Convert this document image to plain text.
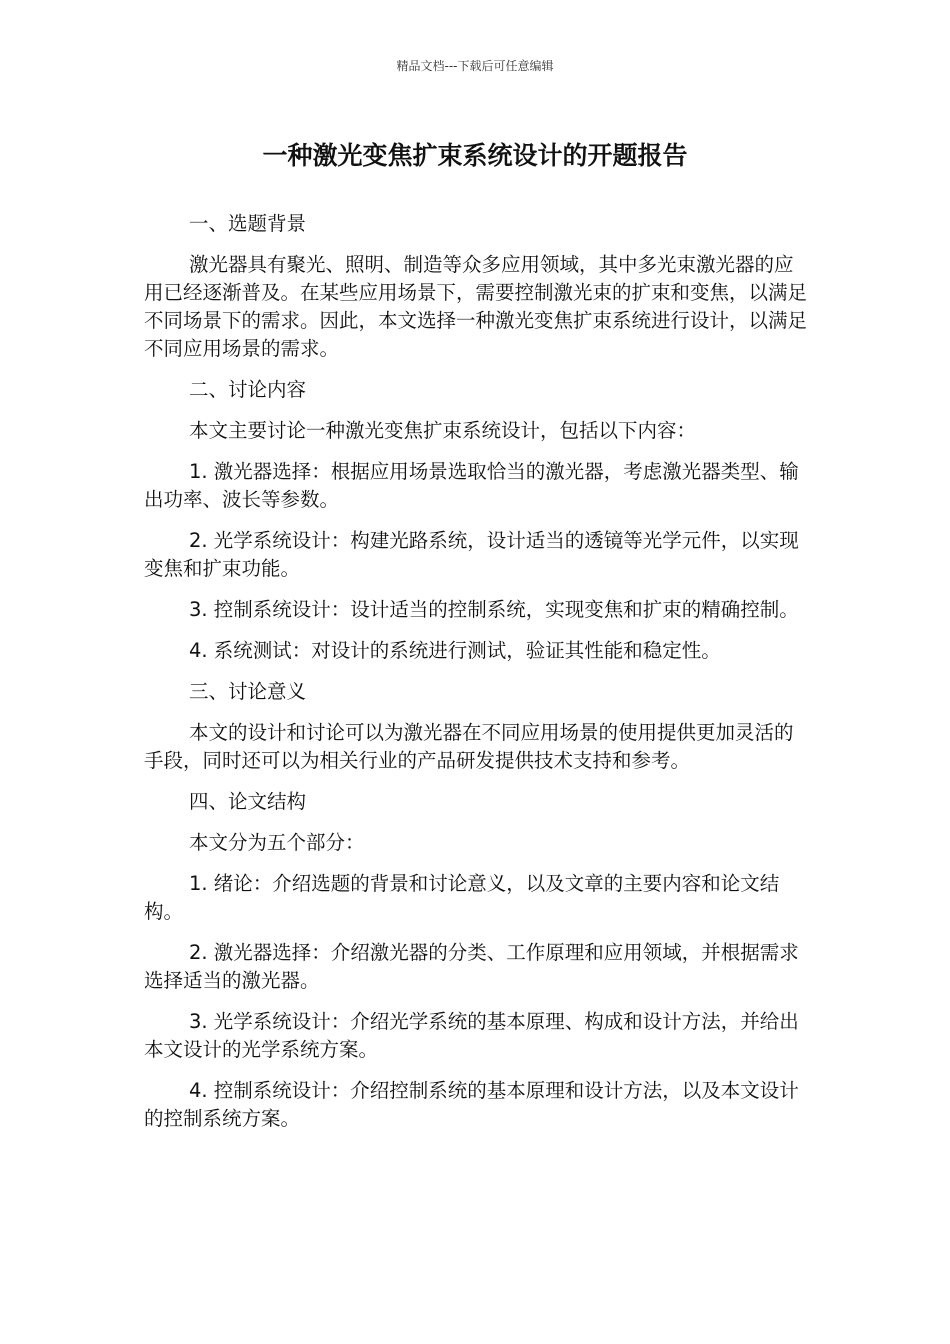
精品文档---下载后可任意编辑
一种激光变焦扩束系统设计的开题报告

一、选题背景

激光器具有聚光、照明、制造等众多应用领域，其中多光束激光器的应用已经逐渐普及。在某些应用场景下，需要控制激光束的扩束和变焦，以满足不同场景下的需求。因此，本文选择一种激光变焦扩束系统进行设计，以满足不同应用场景的需求。

二、讨论内容

本文主要讨论一种激光变焦扩束系统设计，包括以下内容：

1. 激光器选择：根据应用场景选取恰当的激光器，考虑激光器类型、输出功率、波长等参数。

2. 光学系统设计：构建光路系统，设计适当的透镜等光学元件，以实现变焦和扩束功能。

3. 控制系统设计：设计适当的控制系统，实现变焦和扩束的精确控制。

4. 系统测试：对设计的系统进行测试，验证其性能和稳定性。

三、讨论意义

本文的设计和讨论可以为激光器在不同应用场景的使用提供更加灵活的手段，同时还可以为相关行业的产品研发提供技术支持和参考。

四、论文结构

本文分为五个部分：

1. 绪论：介绍选题的背景和讨论意义，以及文章的主要内容和论文结构。

2. 激光器选择：介绍激光器的分类、工作原理和应用领域，并根据需求选择适当的激光器。

3. 光学系统设计：介绍光学系统的基本原理、构成和设计方法，并给出本文设计的光学系统方案。

4. 控制系统设计：介绍控制系统的基本原理和设计方法，以及本文设计的控制系统方案。
